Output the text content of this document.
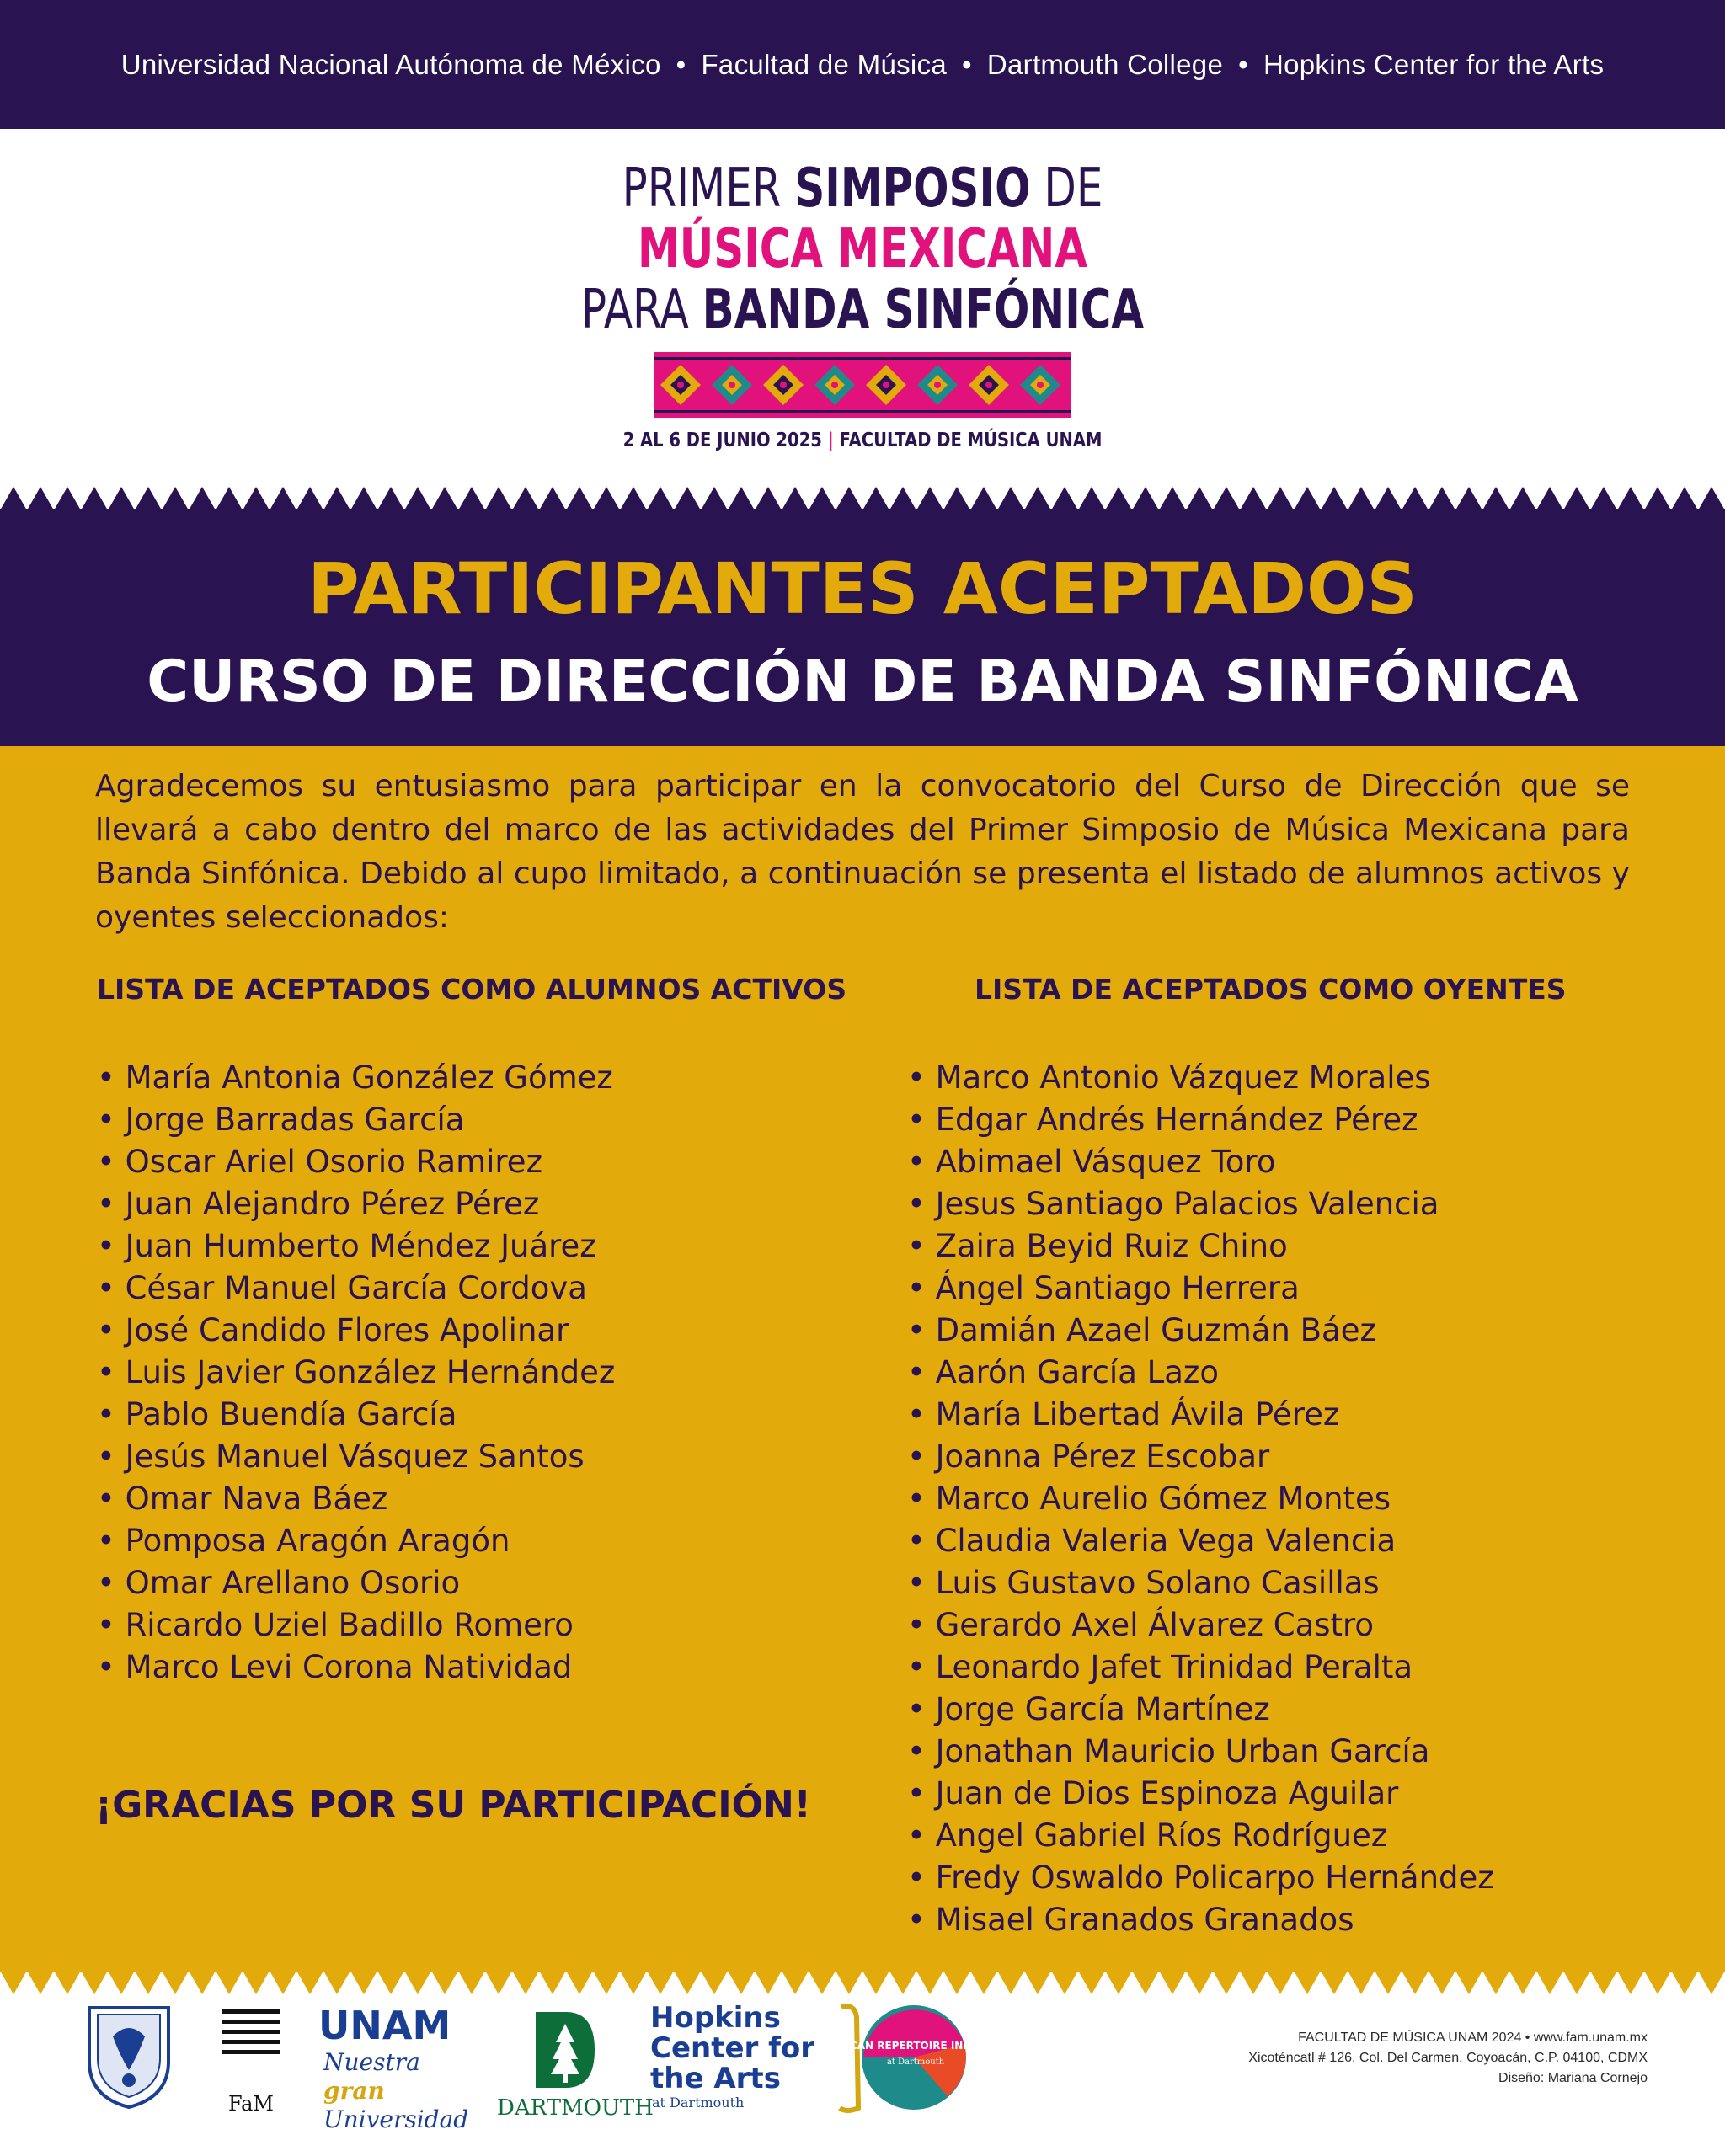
Universidad Nacional Autónoma de México • Facultad de Música • Dartmouth College • Hopkins Center for the Arts
PRIMER SIMPOSIO DE
MÚSICA MEXICANA
PARA BANDA SINFÓNICA
2 AL 6 DE JUNIO 2025 | FACULTAD DE MÚSICA UNAM
PARTICIPANTES ACEPTADOS
CURSO DE DIRECCIÓN DE BANDA SINFÓNICA
Agradecemos su entusiasmo para participar en la convocatorio del Curso de Dirección que se llevará a cabo dentro del marco de las actividades del Primer Simposio de Música Mexicana para Banda Sinfónica. Debido al cupo limitado, a continuación se presenta el listado de alumnos activos y oyentes seleccionados:
LISTA DE ACEPTADOS COMO ALUMNOS ACTIVOS	LISTA DE ACEPTADOS COMO OYENTES
• María Antonia González Gómez
• Jorge Barradas García
• Oscar Ariel Osorio Ramirez
• Juan Alejandro Pérez Pérez
• Juan Humberto Méndez Juárez
• César Manuel García Cordova
• José Candido Flores Apolinar
• Luis Javier González Hernández
• Pablo Buendía García
• Jesús Manuel Vásquez Santos
• Omar Nava Báez
• Pomposa Aragón Aragón
• Omar Arellano Osorio
• Ricardo Uziel Badillo Romero
• Marco Levi Corona Natividad
• Marco Antonio Vázquez Morales
• Edgar Andrés Hernández Pérez
• Abimael Vásquez Toro
• Jesus Santiago Palacios Valencia
• Zaira Beyid Ruiz Chino
• Ángel Santiago Herrera
• Damián Azael Guzmán Báez
• Aarón García Lazo
• María Libertad Ávila Pérez
• Joanna Pérez Escobar
• Marco Aurelio Gómez Montes
• Claudia Valeria Vega Valencia
• Luis Gustavo Solano Casillas
• Gerardo Axel Álvarez Castro
• Leonardo Jafet Trinidad Peralta
• Jorge García Martínez
• Jonathan Mauricio Urban García
• Juan de Dios Espinoza Aguilar
• Angel Gabriel Ríos Rodríguez
• Fredy Oswaldo Policarpo Hernández
• Misael Granados Granados
¡GRACIAS POR SU PARTICIPACIÓN!
FaM
UNAM
Nuestra gran Universidad DARTMOUTH
Hopkins Center for the Arts
at Dartmouth
MEXICAN REPERTOIRE INITIATIVE
at Dartmouth
FACULTAD DE MÚSICA UNAM 2024 • www.fam.unam.mx
Xicoténcatl # 126, Col. Del Carmen, Coyoacán, C.P. 04100, CDMX
Diseño: Mariana Cornejo
